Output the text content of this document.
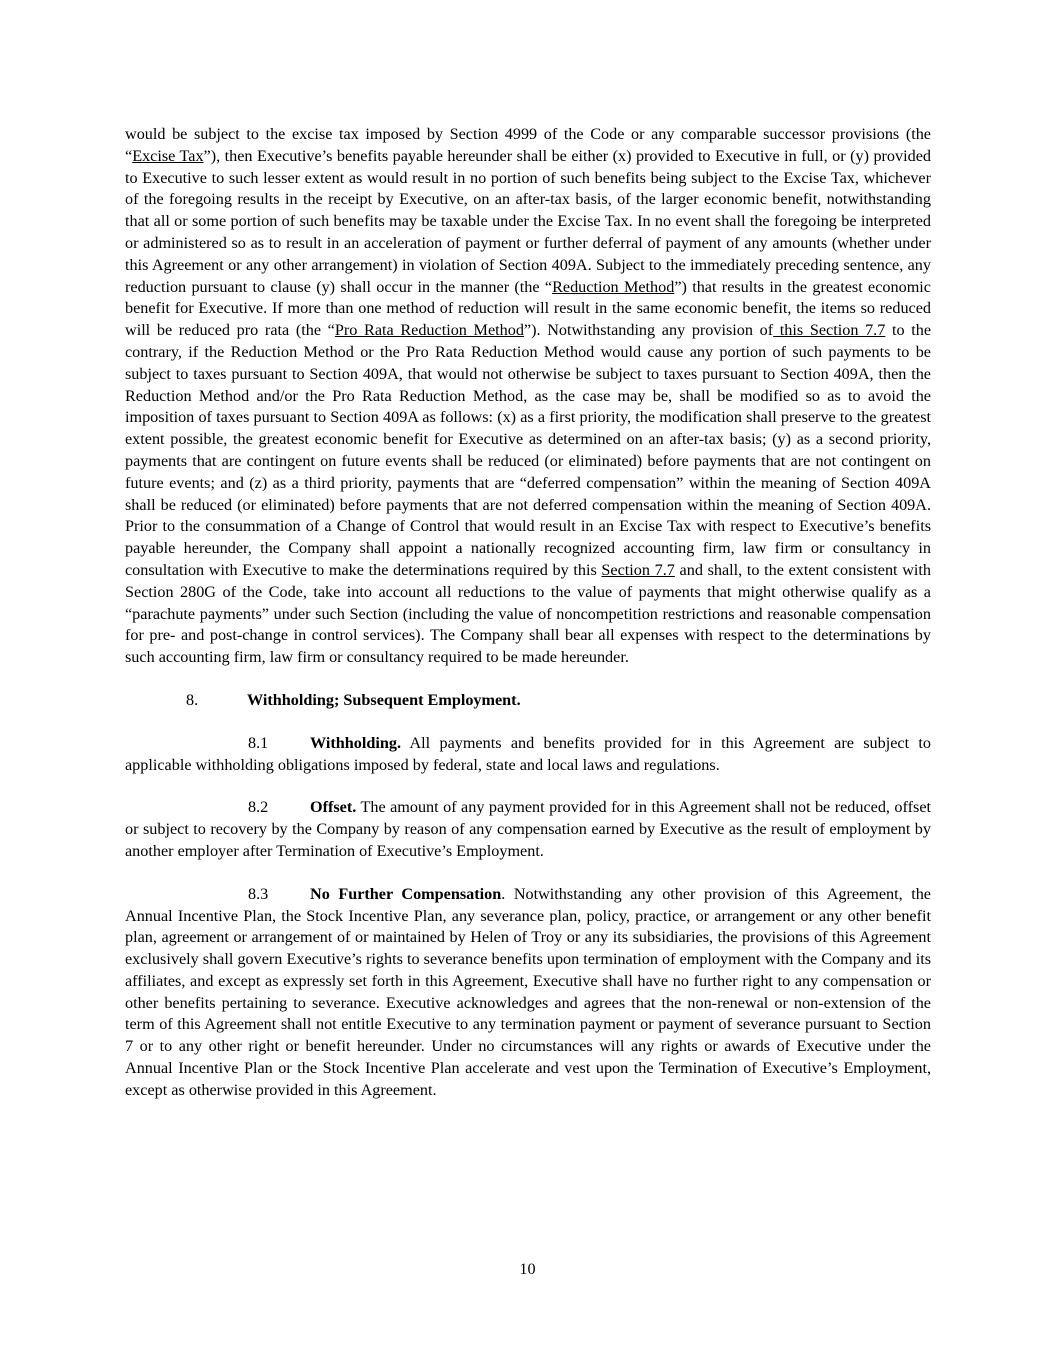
would be subject to the excise tax imposed by Section 4999 of the Code or any comparable successor provisions (the “Excise Tax”), then Executive’s benefits payable hereunder shall be either (x) provided to Executive in full, or (y) provided to Executive to such lesser extent as would result in no portion of such benefits being subject to the Excise Tax, whichever of the foregoing results in the receipt by Executive, on an after-tax basis, of the larger economic benefit, notwithstanding that all or some portion of such benefits may be taxable under the Excise Tax. In no event shall the foregoing be interpreted or administered so as to result in an acceleration of payment or further deferral of payment of any amounts (whether under this Agreement or any other arrangement) in violation of Section 409A. Subject to the immediately preceding sentence, any reduction pursuant to clause (y) shall occur in the manner (the “Reduction Method”) that results in the greatest economic benefit for Executive. If more than one method of reduction will result in the same economic benefit, the items so reduced will be reduced pro rata (the “Pro Rata Reduction Method”). Notwithstanding any provision of this Section 7.7 to the contrary, if the Reduction Method or the Pro Rata Reduction Method would cause any portion of such payments to be subject to taxes pursuant to Section 409A, that would not otherwise be subject to taxes pursuant to Section 409A, then the Reduction Method and/or the Pro Rata Reduction Method, as the case may be, shall be modified so as to avoid the imposition of taxes pursuant to Section 409A as follows: (x) as a first priority, the modification shall preserve to the greatest extent possible, the greatest economic benefit for Executive as determined on an after-tax basis; (y) as a second priority, payments that are contingent on future events shall be reduced (or eliminated) before payments that are not contingent on future events; and (z) as a third priority, payments that are “deferred compensation” within the meaning of Section 409A shall be reduced (or eliminated) before payments that are not deferred compensation within the meaning of Section 409A. Prior to the consummation of a Change of Control that would result in an Excise Tax with respect to Executive’s benefits payable hereunder, the Company shall appoint a nationally recognized accounting firm, law firm or consultancy in consultation with Executive to make the determinations required by this Section 7.7 and shall, to the extent consistent with Section 280G of the Code, take into account all reductions to the value of payments that might otherwise qualify as a “parachute payments” under such Section (including the value of noncompetition restrictions and reasonable compensation for pre- and post-change in control services). The Company shall bear all expenses with respect to the determinations by such accounting firm, law firm or consultancy required to be made hereunder.

8.	Withholding; Subsequent Employment.

8.1	Withholding. All payments and benefits provided for in this Agreement are subject to applicable withholding obligations imposed by federal, state and local laws and regulations.

8.2	Offset. The amount of any payment provided for in this Agreement shall not be reduced, offset or subject to recovery by the Company by reason of any compensation earned by Executive as the result of employment by another employer after Termination of Executive’s Employment.

8.3	No Further Compensation. Notwithstanding any other provision of this Agreement, the Annual Incentive Plan, the Stock Incentive Plan, any severance plan, policy, practice, or arrangement or any other benefit plan, agreement or arrangement of or maintained by Helen of Troy or any its subsidiaries, the provisions of this Agreement exclusively shall govern Executive’s rights to severance benefits upon termination of employment with the Company and its affiliates, and except as expressly set forth in this Agreement, Executive shall have no further right to any compensation or other benefits pertaining to severance. Executive acknowledges and agrees that the non-renewal or non-extension of the term of this Agreement shall not entitle Executive to any termination payment or payment of severance pursuant to Section 7 or to any other right or benefit hereunder. Under no circumstances will any rights or awards of Executive under the Annual Incentive Plan or the Stock Incentive Plan accelerate and vest upon the Termination of Executive’s Employment, except as otherwise provided in this Agreement.

10
